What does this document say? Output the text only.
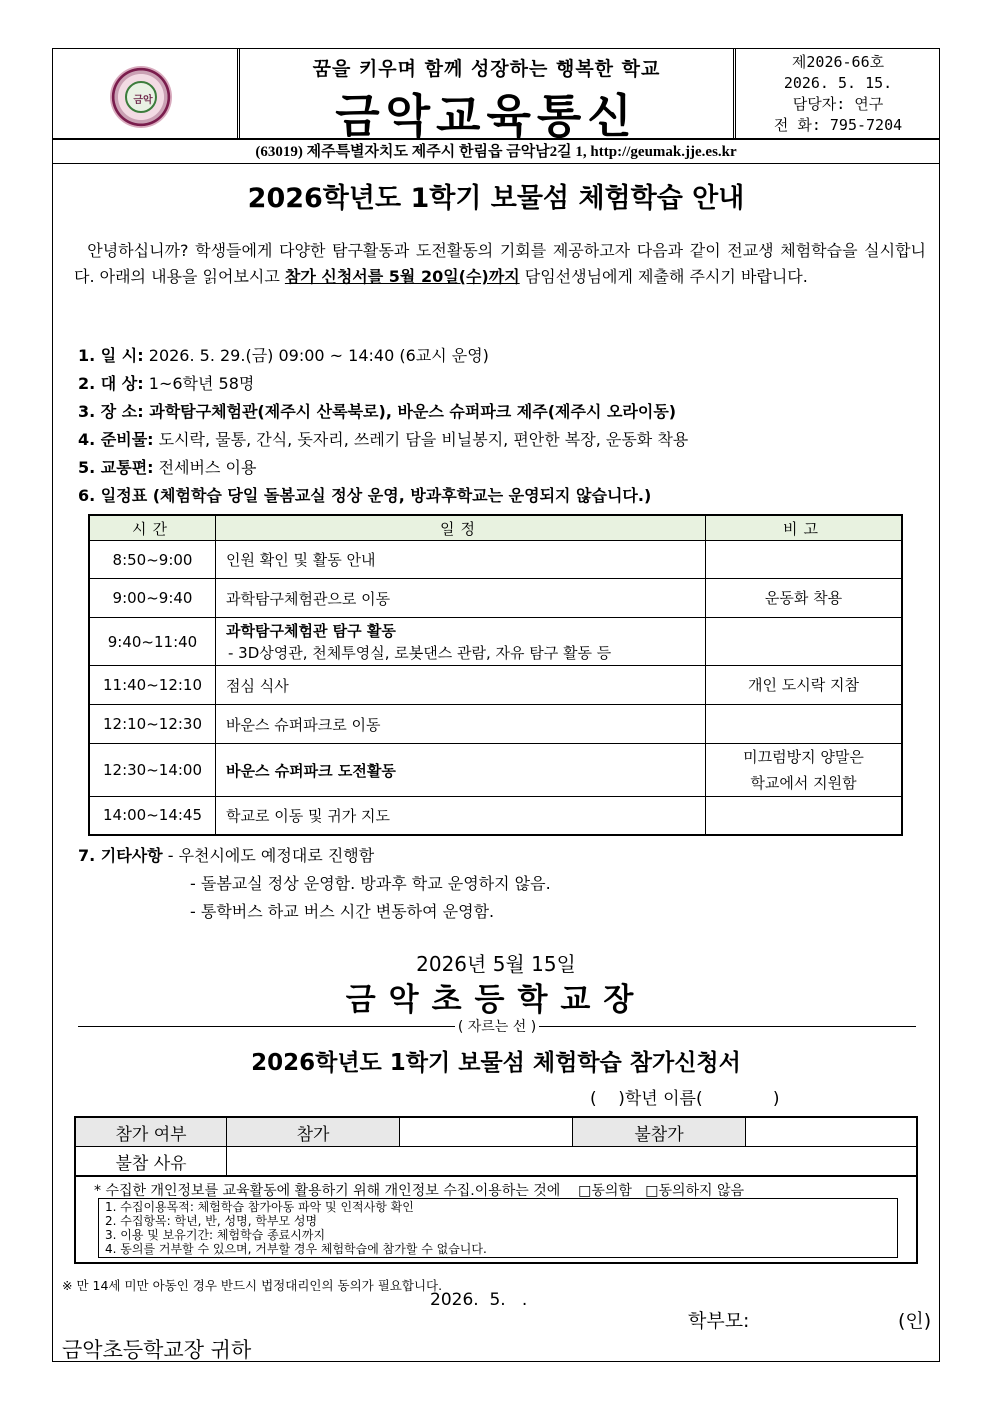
금악
꿈을 키우며 함께 성장하는 행복한 학교
금악교육통신
제2026-66호
2026. 5. 15.
담당자: 연구
전 화: 795-7204
(63019) 제주특별자치도 제주시 한림읍 금악남2길 1, http://geumak.jje.es.kr
2026학년도 1학기 보물섬 체험학습 안내
안녕하십니까? 학생들에게 다양한 탐구활동과 도전활동의 기회를 제공하고자 다음과 같이 전교생 체험학습을 실시합니다. 아래의 내용을 읽어보시고 참가 신청서를 5월 20일(수)까지 담임선생님에게 제출해 주시기 바랍니다.
1. 일 시: 2026. 5. 29.(금) 09:00 ~ 14:40 (6교시 운영)
2. 대 상: 1~6학년 58명
3. 장 소: 과학탐구체험관(제주시 산록북로), 바운스 슈퍼파크 제주(제주시 오라이동)
4. 준비물: 도시락, 물통, 간식, 돗자리, 쓰레기 담을 비닐봉지, 편안한 복장, 운동화 착용
5. 교통편: 전세버스 이용
6. 일정표 (체험학습 당일 돌봄교실 정상 운영, 방과후학교는 운영되지 않습니다.)
시간	일정	비고
8:50~9:00	인원 확인 및 활동 안내	
9:00~9:40	과학탐구체험관으로 이동	운동화 착용
9:40~11:40	과학탐구체험관 탐구 활동
- 3D상영관, 천체투영실, 로봇댄스 관람, 자유 탐구 활동 등	

11:40~12:10	점심 식사	개인 도시락 지참
12:10~12:30	바운스 슈퍼파크로 이동	
12:30~14:00	바운스 슈퍼파크 도전활동	미끄럼방지 양말은
학교에서 지원함

14:00~14:45	학교로 이동 및 귀가 지도	
7. 기타사항 - 우천시에도 예정대로 진행함
- 돌봄교실 정상 운영함. 방과후 학교 운영하지 않음.
- 통학버스 하교 버스 시간 변동하여 운영함.
2026년 5월 15일
금악초등학교장
( 자르는 선 )
2026학년도 1학기 보물섬 체험학습 참가신청서
(    )학년 이름(             )
참가 여부	참가		불참가	
불참 사유				
* 수집한 개인정보를 교육활동에 활용하기 위해 개인정보 수집.이용하는 것에    □동의함   □동의하지 않음
1. 수집이용목적: 체험학습 참가아동 파악 및 인적사항 확인
2. 수집항목: 학년, 반, 성명, 학부모 성명
3. 이용 및 보유기간: 체험학습 종료시까지
4. 동의를 거부할 수 있으며, 거부할 경우 체험학습에 참가할 수 없습니다.
※ 만 14세 미만 아동인 경우 반드시 법정대리인의 동의가 필요합니다.
2026.  5.   .
학부모:	(인)
금악초등학교장 귀하
